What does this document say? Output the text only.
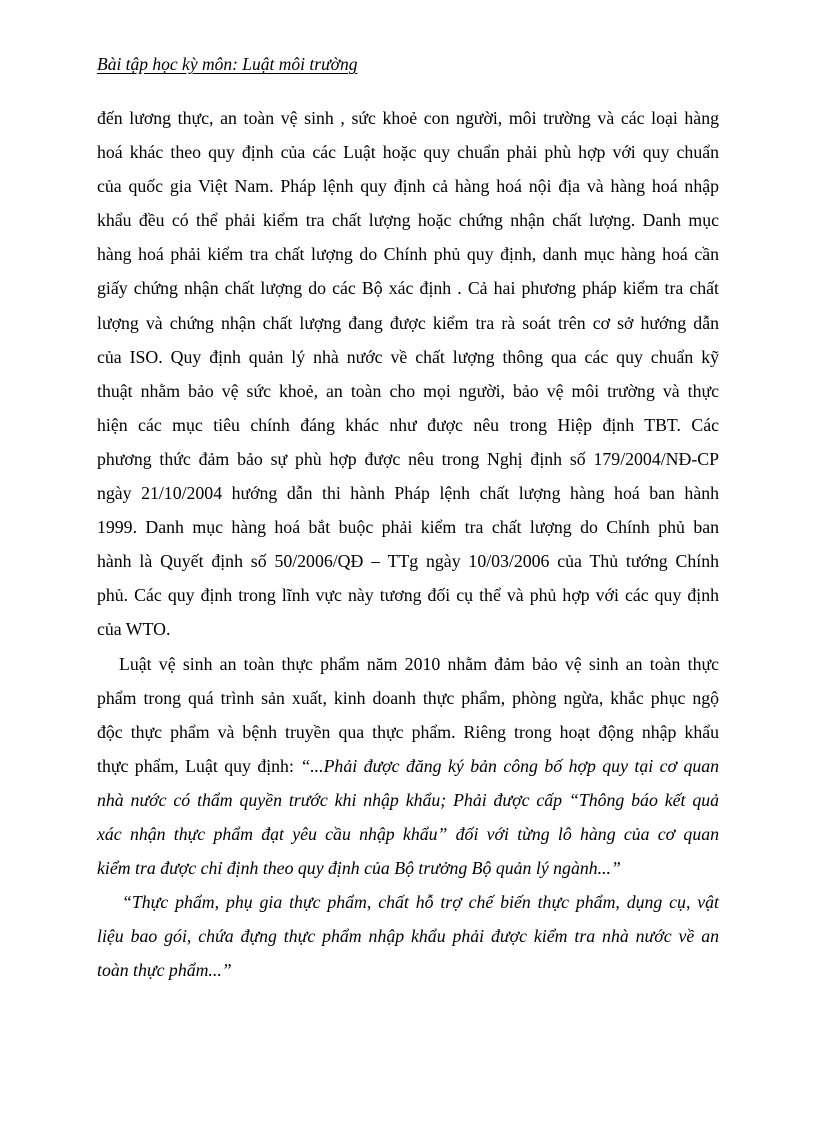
Bài tập học kỳ môn: Luật môi trường

đến lương thực, an toàn vệ sinh , sức khoẻ con người, môi trường và các loại hàng

hoá khác theo quy định của các Luật hoặc quy chuẩn phải phù hợp với quy chuẩn

của quốc gia Việt Nam. Pháp lệnh quy định cả hàng hoá nội địa và hàng hoá nhập

khẩu đều có thể phải kiểm tra chất lượng hoặc chứng nhận chất lượng. Danh mục

hàng hoá phải kiểm tra chất lượng do Chính phủ quy định, danh mục hàng hoá cần

giấy chứng nhận chất lượng do các Bộ xác định . Cả hai phương pháp kiểm tra chất

lượng và chứng nhận chất lượng đang được kiểm tra rà soát trên cơ sở hướng dẫn

của ISO. Quy định quản lý nhà nước về chất lượng thông qua các quy chuẩn kỹ

thuật nhằm bảo vệ sức khoẻ, an toàn cho mọi người, bảo vệ môi trường và thực

hiện các mục tiêu chính đáng khác như được nêu trong Hiệp định TBT. Các

phương thức đảm bảo sự phù hợp được nêu trong Nghị định số 179/2004/NĐ-CP

ngày 21/10/2004 hướng dẫn thi hành Pháp lệnh chất lượng hàng hoá ban hành

1999. Danh mục hàng hoá bắt buộc phải kiểm tra chất lượng do Chính phủ ban

hành là Quyết định số 50/2006/QĐ – TTg ngày 10/03/2006 của Thủ tướng Chính

phủ. Các quy định trong lĩnh vực này tương đối cụ thể và phủ hợp với các quy định

của WTO.

Luật vệ sinh an toàn thực phẩm năm 2010 nhằm đảm bảo vệ sinh an toàn thực

phẩm trong quá trình sản xuất, kinh doanh thực phẩm, phòng ngừa, khắc phục ngộ

độc thực phẩm và bệnh truyền qua thực phẩm. Riêng trong hoạt động nhập khẩu

thực phẩm, Luật quy định: “...Phải được đăng ký bản công bố hợp quy tại cơ quan

nhà nước có thẩm quyền trước khi nhập khẩu; Phải được cấp “Thông báo kết quả

xác nhận thực phẩm đạt yêu cầu nhập khẩu” đối với từng lô hàng của cơ quan

kiểm tra được chỉ định theo quy định của Bộ trưởng Bộ quản lý ngành...”

“Thực phẩm, phụ gia thực phẩm, chất hỗ trợ chế biến thực phẩm, dụng cụ, vật

liệu bao gói, chứa đựng thực phẩm nhập khẩu phải được kiểm tra nhà nước về an

toàn thực phẩm...”
